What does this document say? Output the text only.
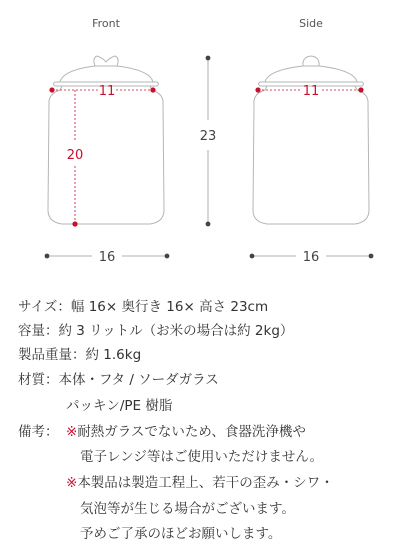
Front
11
20
16
23
Side
11
16
サイズ：幅 16× 奥行き 16× 高さ 23cm
容量：約 3 リットル（お米の場合は約 2kg）
製品重量：約 1.6kg
材質：本体・フタ / ソーダガラス
パッキン/PE 樹脂
備考： ※耐熱ガラスでないため、食器洗浄機や
電子レンジ等はご使用いただけません。
※本製品は製造工程上、若干の歪み・シワ・
気泡等が生じる場合がございます。
予めご了承のほどお願いします。
